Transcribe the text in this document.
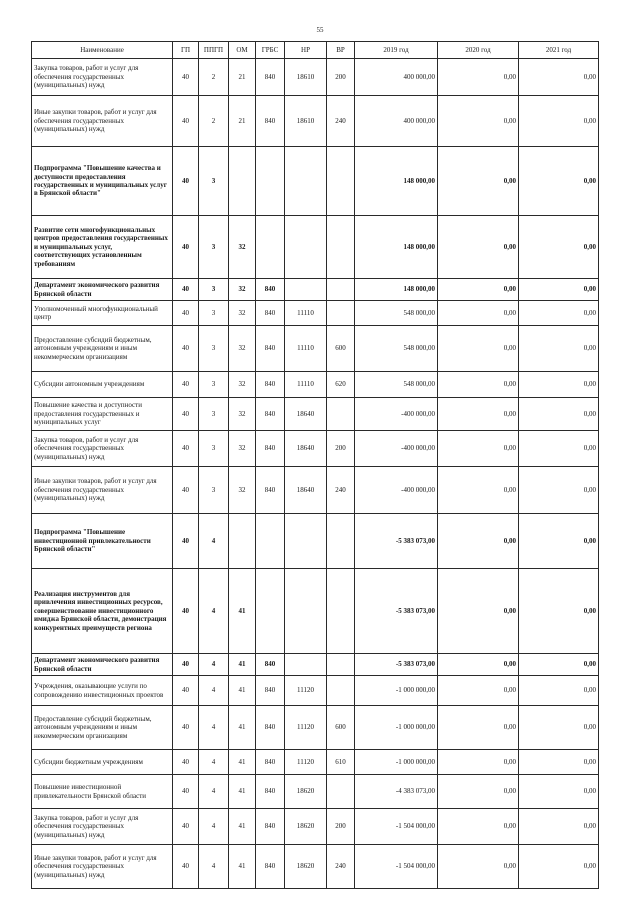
55
Наименование	ГП	ППГП	ОМ	ГРБС	НР	ВР	2019 год	2020 год	2021 год
Закупка товаров, работ и услуг для обеспечения государственных (муниципальных) нужд	40	2	21	840	18610	200	400 000,00	0,00	0,00
Иные закупки товаров, работ и услуг для обеспечения государственных (муниципальных) нужд	40	2	21	840	18610	240	400 000,00	0,00	0,00
Подпрограмма "Повышение качества и доступности предоставления государственных и муниципальных услуг в Брянской области"	40	3					148 000,00	0,00	0,00
Развитие сети многофункциональных центров предоставления государственных и муниципальных услуг, соответствующих установленным требованиям	40	3	32				148 000,00	0,00	0,00
Департамент экономического развития Брянской области	40	3	32	840			148 000,00	0,00	0,00
Уполномоченный многофункциональный центр	40	3	32	840	11110		548 000,00	0,00	0,00
Предоставление субсидий бюджетным, автономным учреждениям и иным некоммерческим организациям	40	3	32	840	11110	600	548 000,00	0,00	0,00
Субсидии автономным учреждениям	40	3	32	840	11110	620	548 000,00	0,00	0,00
Повышение качества и доступности предоставления государственных и муниципальных услуг	40	3	32	840	18640		-400 000,00	0,00	0,00
Закупка товаров, работ и услуг для обеспечения государственных (муниципальных) нужд	40	3	32	840	18640	200	-400 000,00	0,00	0,00
Иные закупки товаров, работ и услуг для обеспечения государственных (муниципальных) нужд	40	3	32	840	18640	240	-400 000,00	0,00	0,00
Подпрограмма "Повышение инвестиционной привлекательности Брянской области"	40	4					-5 383 073,00	0,00	0,00
Реализация инструментов для привлечения инвестиционных ресурсов, совершенствование инвестиционного имиджа Брянской области, демонстрация конкурентных преимуществ региона	40	4	41				-5 383 073,00	0,00	0,00
Департамент экономического развития Брянской области	40	4	41	840			-5 383 073,00	0,00	0,00
Учреждения, оказывающие услуги по сопровождению инвестиционных проектов	40	4	41	840	11120		-1 000 000,00	0,00	0,00
Предоставление субсидий бюджетным, автономным учреждениям и иным некоммерческим организациям	40	4	41	840	11120	600	-1 000 000,00	0,00	0,00
Субсидии бюджетным учреждениям	40	4	41	840	11120	610	-1 000 000,00	0,00	0,00
Повышение инвестиционной привлекательности Брянской области	40	4	41	840	18620		-4 383 073,00	0,00	0,00
Закупка товаров, работ и услуг для обеспечения государственных (муниципальных) нужд	40	4	41	840	18620	200	-1 504 000,00	0,00	0,00
Иные закупки товаров, работ и услуг для обеспечения государственных (муниципальных) нужд	40	4	41	840	18620	240	-1 504 000,00	0,00	0,00
